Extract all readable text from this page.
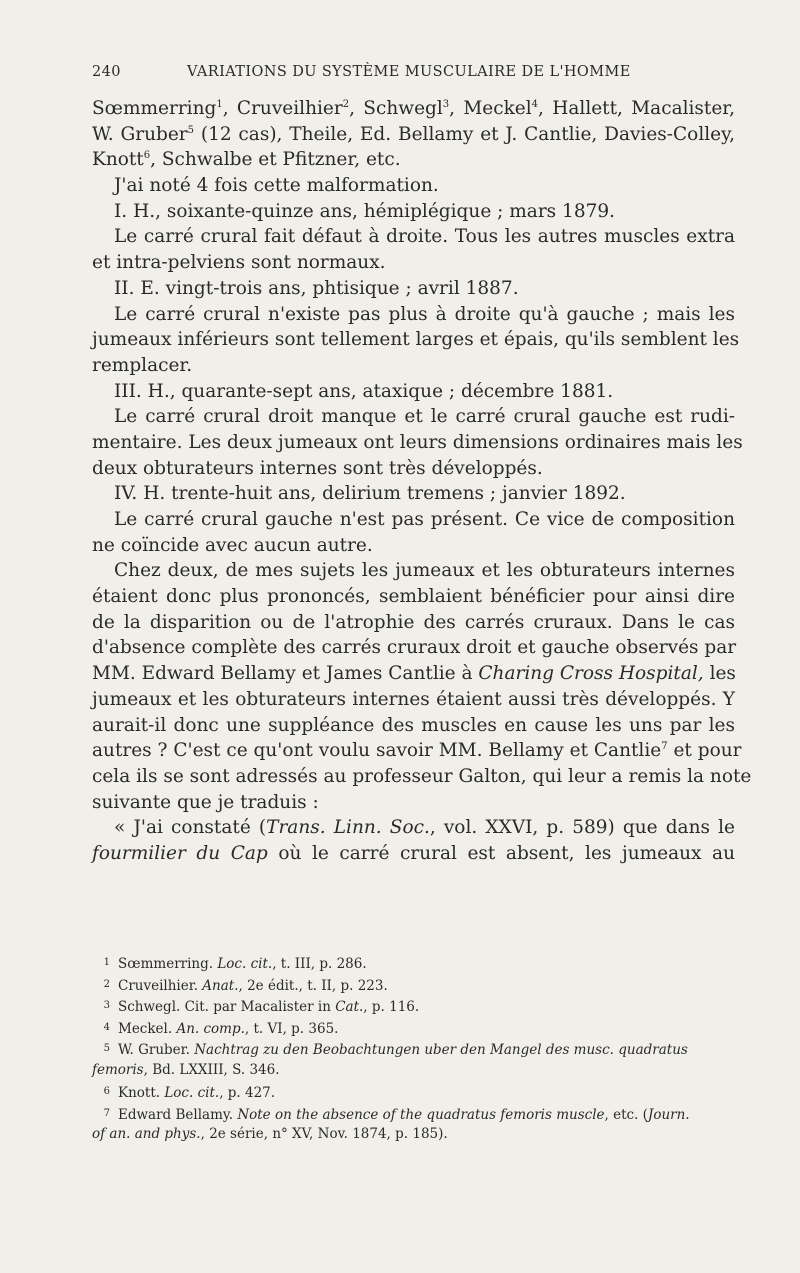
240	VARIATIONS DU SYSTÈME MUSCULAIRE DE L'HOMME
Sœmmerring$^1$, Cruveilhier$^2$, Schwegl$^3$, Meckel$^4$, Hallett, Macalister,
W. Gruber$^5$ (12 cas), Theile, Ed. Bellamy et J. Cantlie, Davies-Colley,
Knott$^6$, Schwalbe et Pfitzner, etc.
J'ai noté 4 fois cette malformation.
I. H., soixante-quinze ans, hémiplégique ; mars 1879.
Le carré crural fait défaut à droite. Tous les autres muscles extra
et intra-pelviens sont normaux.
II. E. vingt-trois ans, phtisique ; avril 1887.
Le carré crural n'existe pas plus à droite qu'à gauche ; mais les
jumeaux inférieurs sont tellement larges et épais, qu'ils semblent les
remplacer.
III. H., quarante-sept ans, ataxique ; décembre 1881.
Le carré crural droit manque et le carré crural gauche est rudi-
mentaire. Les deux jumeaux ont leurs dimensions ordinaires mais les
deux obturateurs internes sont très développés.
IV. H. trente-huit ans, delirium tremens ; janvier 1892.
Le carré crural gauche n'est pas présent. Ce vice de composition
ne coïncide avec aucun autre.
Chez deux, de mes sujets les jumeaux et les obturateurs internes
étaient donc plus prononcés, semblaient bénéficier pour ainsi dire
de la disparition ou de l'atrophie des carrés cruraux. Dans le cas
d'absence complète des carrés cruraux droit et gauche observés par
MM. Edward Bellamy et James Cantlie à Charing Cross Hospital, les
jumeaux et les obturateurs internes étaient aussi très développés. Y
aurait-il donc une suppléance des muscles en cause les uns par les
autres ? C'est ce qu'ont voulu savoir MM. Bellamy et Cantlie$^7$ et pour
cela ils se sont adressés au professeur Galton, qui leur a remis la note
suivante que je traduis :
« J'ai constaté (Trans. Linn. Soc., vol. XXVI, p. 589) que dans le
fourmilier du Cap où le carré crural est absent, les jumeaux au
1 Sœmmerring. Loc. cit., t. III, p. 286.
2 Cruveilhier. Anat., 2e édit., t. II, p. 223.
3 Schwegl. Cit. par Macalister in Cat., p. 116.
4 Meckel. An. comp., t. VI, p. 365.
5 W. Gruber. Nachtrag zu den Beobachtungen uber den Mangel des musc. quadratus
femoris, Bd. LXXIII, S. 346.
6 Knott. Loc. cit., p. 427.
7 Edward Bellamy. Note on the absence of the quadratus femoris muscle, etc. (Journ.
of an. and phys., 2e série, n° XV, Nov. 1874, p. 185).
